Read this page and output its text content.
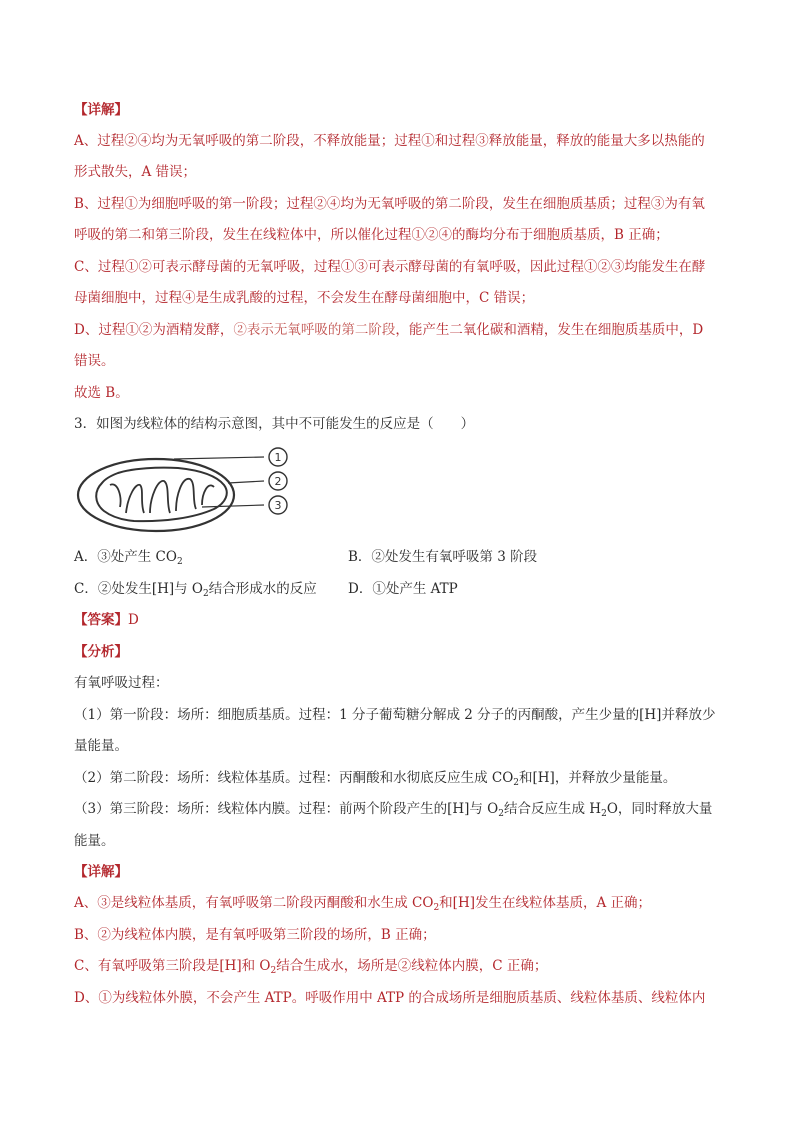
【详解】
A、过程②④均为无氧呼吸的第二阶段，不释放能量；过程①和过程③释放能量，释放的能量大多以热能的
形式散失，A 错误；
B、过程①为细胞呼吸的第一阶段；过程②④均为无氧呼吸的第二阶段，发生在细胞质基质；过程③为有氧
呼吸的第二和第三阶段，发生在线粒体中，所以催化过程①②④的酶均分布于细胞质基质，B 正确；
C、过程①②可表示酵母菌的无氧呼吸，过程①③可表示酵母菌的有氧呼吸，因此过程①②③均能发生在酵
母菌细胞中，过程④是生成乳酸的过程，不会发生在酵母菌细胞中，C 错误；
D、过程①②为酒精发酵，②表示无氧呼吸的第二阶段，能产生二氧化碳和酒精，发生在细胞质基质中，D
错误。
故选 B。
3．如图为线粒体的结构示意图，其中不可能发生的反应是（　　）
1
2
3
A．③处产生 $CO_2$	B．②处发生有氧呼吸第 3 阶段
C．②处发生[H]与 $O_2$结合形成水的反应 D．①处产生 ATP
【答案】D
【分析】
有氧呼吸过程：
（1）第一阶段：场所：细胞质基质。过程：1 分子葡萄糖分解成 2 分子的丙酮酸，产生少量的[H]并释放少
量能量。
（2）第二阶段：场所：线粒体基质。过程：丙酮酸和水彻底反应生成 $CO_2$和[H]，并释放少量能量。
（3）第三阶段：场所：线粒体内膜。过程：前两个阶段产生的[H]与 $O_2$结合反应生成 $H_2O$，同时释放大量
能量。
【详解】
A、③是线粒体基质，有氧呼吸第二阶段丙酮酸和水生成 $CO_2$和[H]发生在线粒体基质，A 正确；
B、②为线粒体内膜，是有氧呼吸第三阶段的场所，B 正确；
C、有氧呼吸第三阶段是[H]和 $O_2$结合生成水，场所是②线粒体内膜，C 正确；
D、①为线粒体外膜，不会产生 ATP。呼吸作用中 ATP 的合成场所是细胞质基质、线粒体基质、线粒体内
